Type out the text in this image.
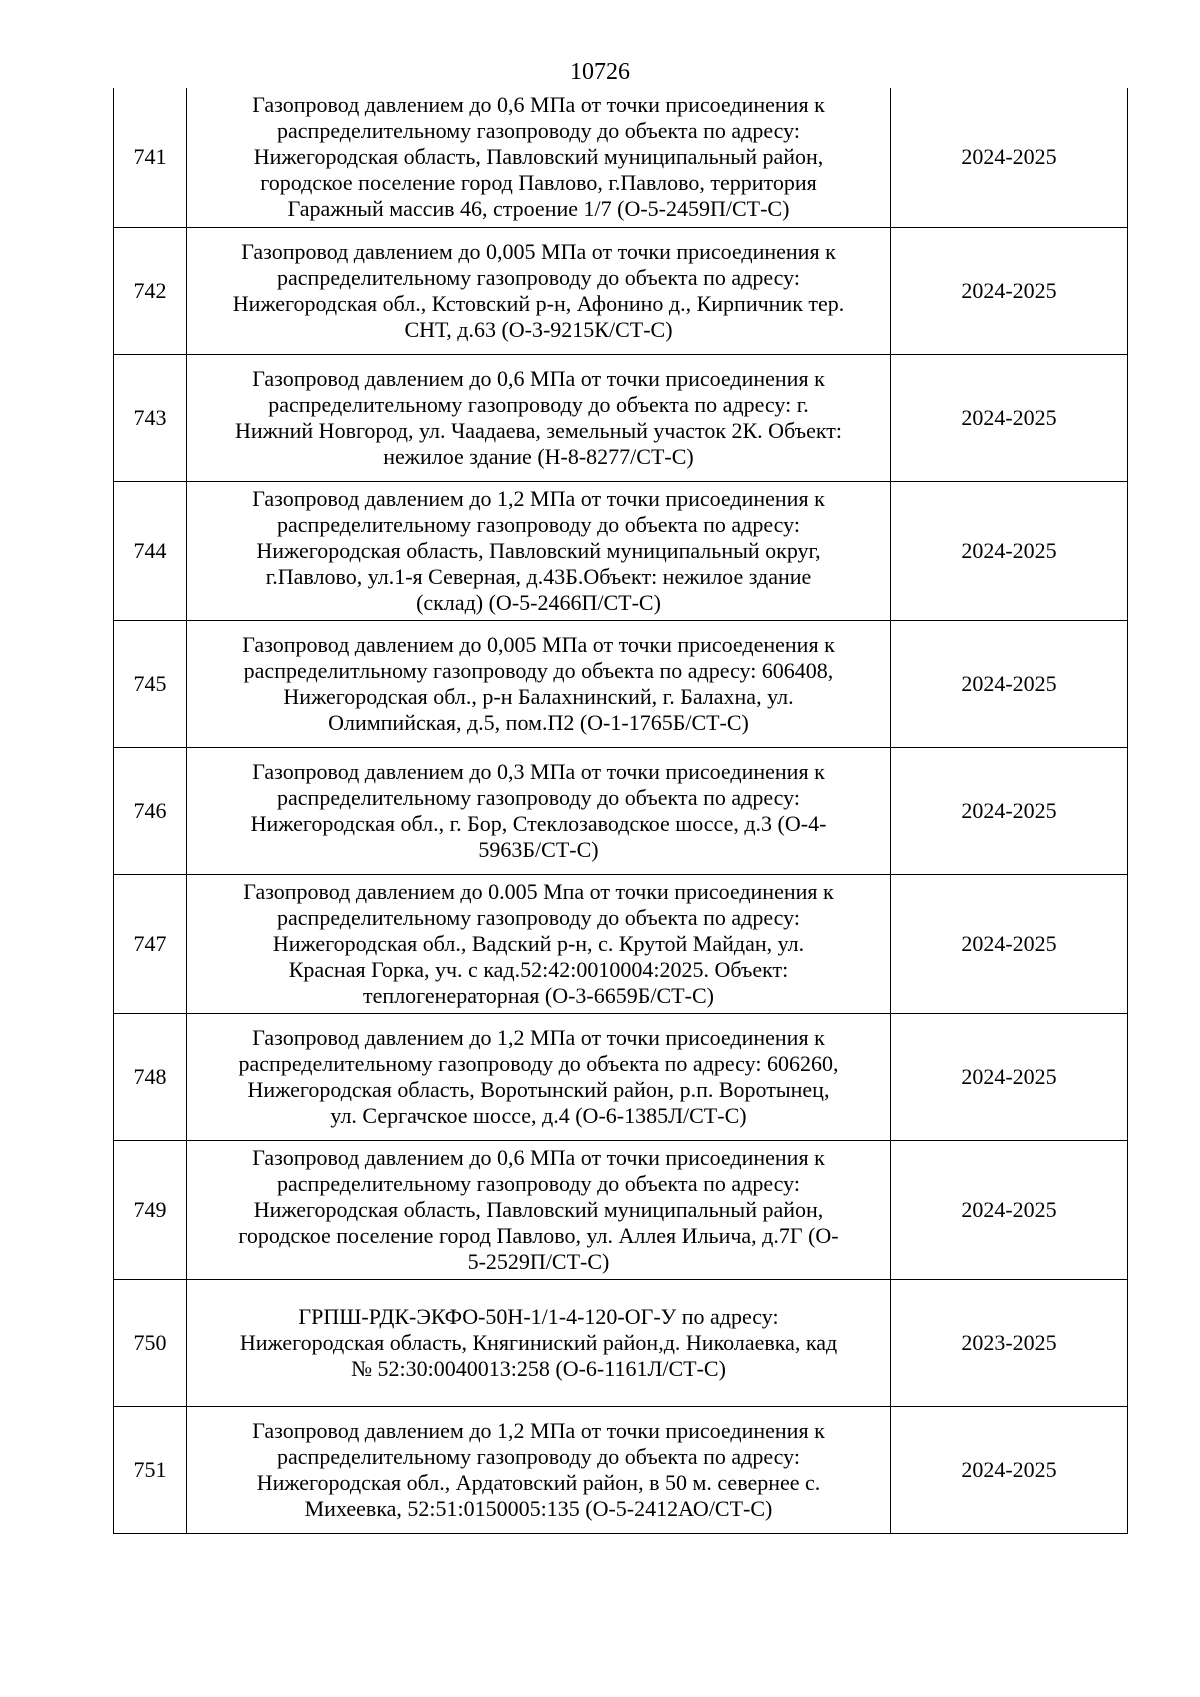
10726
741	Газопровод давлением до 0,6 МПа от точки присоединения к
распределительному газопроводу до объекта по адресу:
Нижегородская область, Павловский муниципальный район,
городское поселение город Павлово, г.Павлово, территория
Гаражный массив 46, строение 1/7 (О-5-2459П/СТ-С)	2024-2025
742	Газопровод давлением до 0,005 МПа от точки присоединения к
распределительному газопроводу до объекта по адресу:
Нижегородская обл., Кстовский р-н, Афонино д., Кирпичник тер.
СНТ, д.63 (О-3-9215К/СТ-С)	2024-2025
743	Газопровод давлением до 0,6 МПа от точки присоединения к
распределительному газопроводу до объекта по адресу: г.
Нижний Новгород, ул. Чаадаева, земельный участок 2К. Объект:
нежилое здание (Н-8-8277/СТ-С)	2024-2025
744	Газопровод давлением до 1,2 МПа от точки присоединения к
распределительному газопроводу до объекта по адресу:
Нижегородская область, Павловский муниципальный округ,
г.Павлово, ул.1-я Северная, д.43Б.Объект: нежилое здание
(склад) (О-5-2466П/СТ-С)	2024-2025
745	Газопровод давлением до 0,005 МПа от точки присоеденения к
распределитльному газопроводу до объекта по адресу: 606408,
Нижегородская обл., р-н Балахнинский, г. Балахна, ул.
Олимпийская, д.5, пом.П2 (О-1-1765Б/СТ-С)	2024-2025
746	Газопровод давлением до 0,3 МПа от точки присоединения к
распределительному газопроводу до объекта по адресу:
Нижегородская обл., г. Бор, Стеклозаводское шоссе, д.3 (О-4-
5963Б/СТ-С)	2024-2025
747	Газопровод давлением до 0.005 Мпа от точки присоединения к
распределительному газопроводу до объекта по адресу:
Нижегородская обл., Вадский р-н, с. Крутой Майдан, ул.
Красная Горка, уч. с кад.52:42:0010004:2025. Объект:
теплогенераторная (О-3-6659Б/СТ-С)	2024-2025
748	Газопровод давлением до 1,2 МПа от точки присоединения к
распределительному газопроводу до объекта по адресу: 606260,
Нижегородская область, Воротынский район, р.п. Воротынец,
ул. Сергачское шоссе, д.4 (О-6-1385Л/СТ-С)	2024-2025
749	Газопровод давлением до 0,6 МПа от точки присоединения к
распределительному газопроводу до объекта по адресу:
Нижегородская область, Павловский муниципальный район,
городское поселение город Павлово, ул. Аллея Ильича, д.7Г (О-
5-2529П/СТ-С)	2024-2025
750	ГРПШ-РДК-ЭКФО-50Н-1/1-4-120-ОГ-У по адресу:
Нижегородская область, Княгиниский район,д. Николаевка, кад
№ 52:30:0040013:258 (О-6-1161Л/СТ-С)	2023-2025
751	Газопровод давлением до 1,2 МПа от точки присоединения к
распределительному газопроводу до объекта по адресу:
Нижегородская обл., Ардатовский район, в 50 м. севернее с.
Михеевка, 52:51:0150005:135 (О-5-2412АО/СТ-С)	2024-2025
